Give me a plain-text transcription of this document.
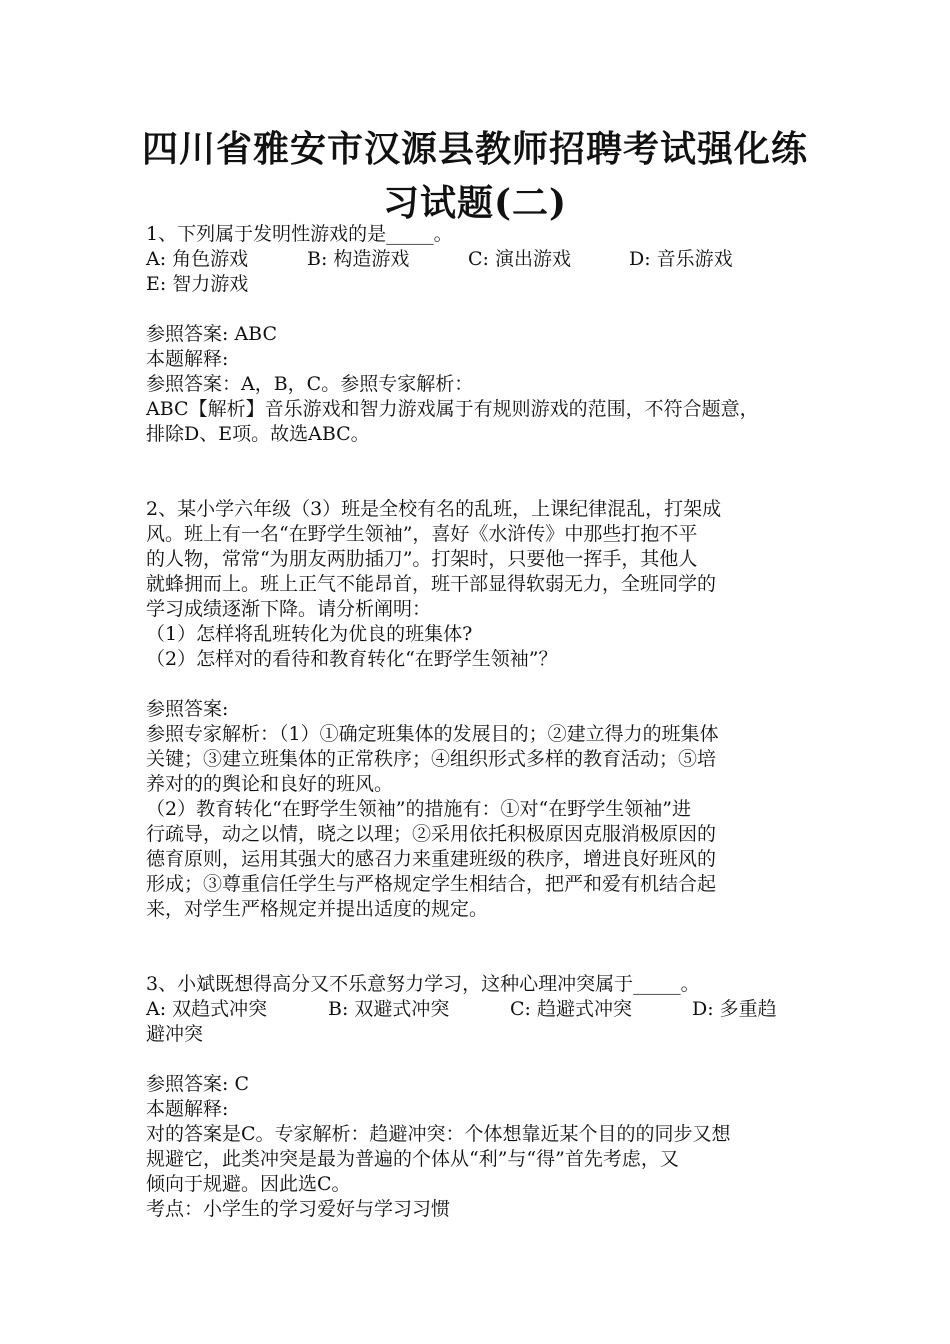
四川省雅安市汉源县教师招聘考试强化练
习试题(二)
1、下列属于发明性游戏的是_____。
A: 角色游戏	B: 构造游戏	C: 演出游戏	D: 音乐游戏
E: 智力游戏
参照答案: ABC
本题解释:
参照答案：A，B，C。参照专家解析：
ABC【解析】音乐游戏和智力游戏属于有规则游戏的范围，不符合题意，
排除D、E项。故选ABC。
2、某小学六年级（3）班是全校有名的乱班，上课纪律混乱，打架成
风。班上有一名“在野学生领袖”，喜好《水浒传》中那些打抱不平
的人物，常常“为朋友两肋插刀”。打架时，只要他一挥手，其他人
就蜂拥而上。班上正气不能昂首，班干部显得软弱无力，全班同学的
学习成绩逐渐下降。请分析阐明：
（1）怎样将乱班转化为优良的班集体?
（2）怎样对的看待和教育转化“在野学生领袖”？
参照答案:
参照专家解析：（1）①确定班集体的发展目的；②建立得力的班集体
关键；③建立班集体的正常秩序；④组织形式多样的教育活动；⑤培
养对的的舆论和良好的班风。
（2）教育转化“在野学生领袖”的措施有：①对“在野学生领袖”进
行疏导，动之以情，晓之以理；②采用依托积极原因克服消极原因的
德育原则，运用其强大的感召力来重建班级的秩序，增进良好班风的
形成；③尊重信任学生与严格规定学生相结合，把严和爱有机结合起
来，对学生严格规定并提出适度的规定。
3、小斌既想得高分又不乐意努力学习，这种心理冲突属于_____。
A: 双趋式冲突	B: 双避式冲突	C: 趋避式冲突	D: 多重趋
避冲突
参照答案: C
本题解释:
对的答案是C。专家解析：趋避冲突：个体想靠近某个目的的同步又想
规避它，此类冲突是最为普遍的个体从“利”与“得”首先考虑，又
倾向于规避。因此选C。
考点：小学生的学习爱好与学习习惯
